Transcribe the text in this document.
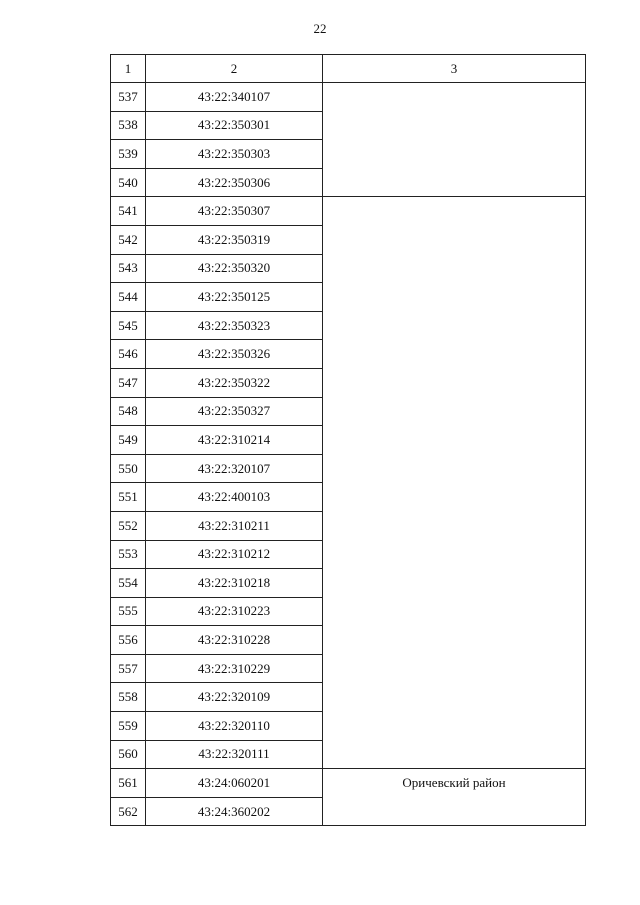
22
1	2	3
537	43:22:340107	
538	43:22:350301	
539	43:22:350303	
540	43:22:350306	
541	43:22:350307	
542	43:22:350319	
543	43:22:350320	
544	43:22:350125	
545	43:22:350323	
546	43:22:350326	
547	43:22:350322	
548	43:22:350327	
549	43:22:310214	
550	43:22:320107	
551	43:22:400103	
552	43:22:310211	
553	43:22:310212	
554	43:22:310218	
555	43:22:310223	
556	43:22:310228	
557	43:22:310229	
558	43:22:320109	
559	43:22:320110	
560	43:22:320111	
561	43:24:060201	Оричевский район
562	43:24:360202	
